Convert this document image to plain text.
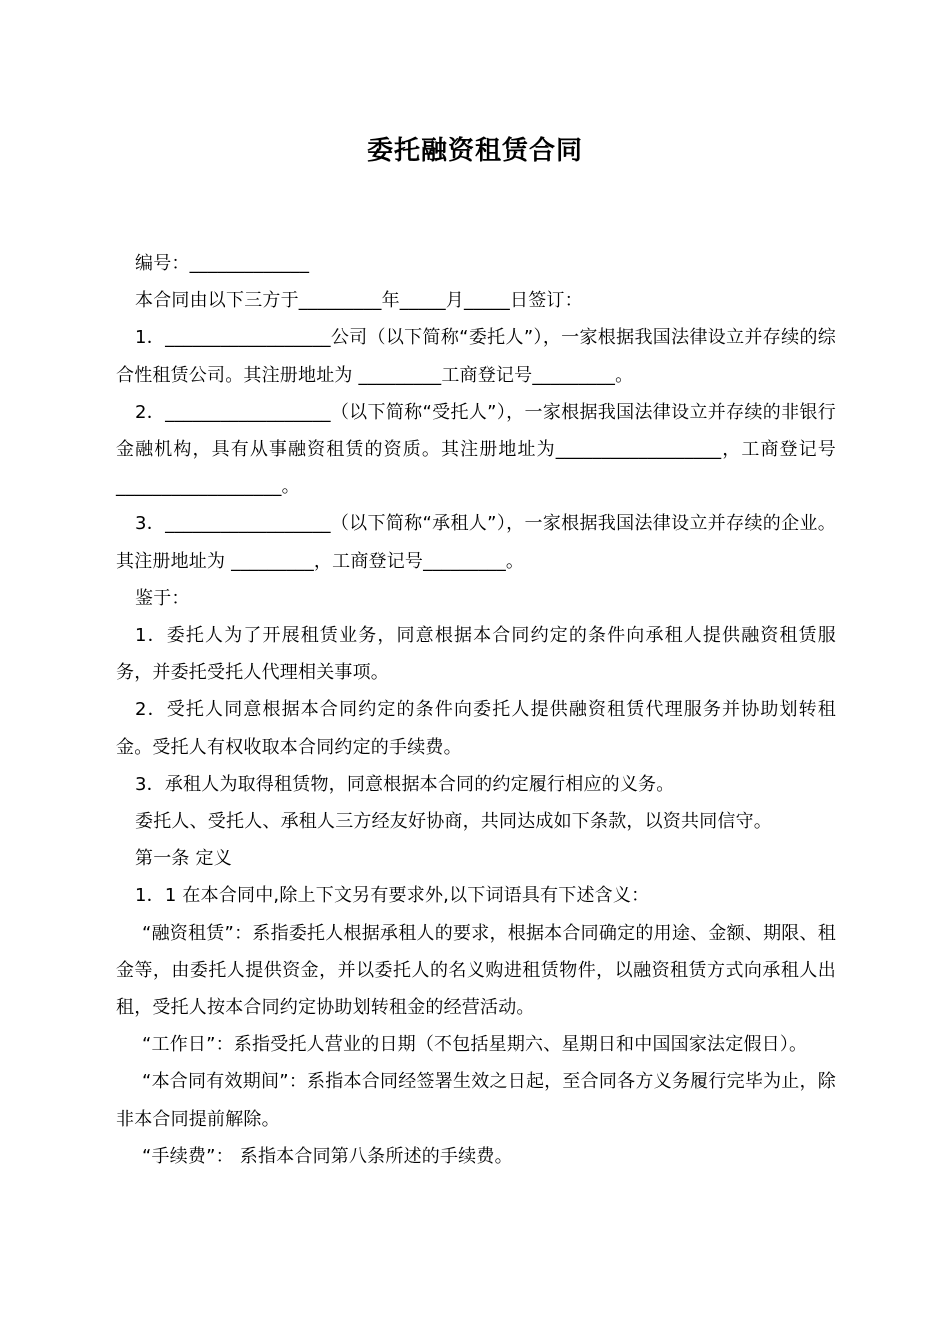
委托融资租赁合同

编号：_____________

本合同由以下三方于_________年_____月_____日签订：

1．__________________公司（以下简称“委托人”），一家根据我国法律设立并存续的综合性租赁公司。其注册地址为 _________工商登记号_________。

2．__________________（以下简称“受托人”），一家根据我国法律设立并存续的非银行金融机构，具有从事融资租赁的资质。其注册地址为__________________，工商登记号__________________。

3．__________________（以下简称“承租人”），一家根据我国法律设立并存续的企业。其注册地址为 _________，工商登记号_________。

鉴于：

1．委托人为了开展租赁业务，同意根据本合同约定的条件向承租人提供融资租赁服务，并委托受托人代理相关事项。

2．受托人同意根据本合同约定的条件向委托人提供融资租赁代理服务并协助划转租金。受托人有权收取本合同约定的手续费。

3．承租人为取得租赁物，同意根据本合同的约定履行相应的义务。

委托人、受托人、承租人三方经友好协商，共同达成如下条款，以资共同信守。

第一条 定义

1．1 在本合同中,除上下文另有要求外,以下词语具有下述含义：

“融资租赁”：系指委托人根据承租人的要求，根据本合同确定的用途、金额、期限、租金等，由委托人提供资金，并以委托人的名义购进租赁物件，以融资租赁方式向承租人出租，受托人按本合同约定协助划转租金的经营活动。

“工作日”：系指受托人营业的日期（不包括星期六、星期日和中国国家法定假日）。

“本合同有效期间”：系指本合同经签署生效之日起，至合同各方义务履行完毕为止，除非本合同提前解除。

“手续费”： 系指本合同第八条所述的手续费。
